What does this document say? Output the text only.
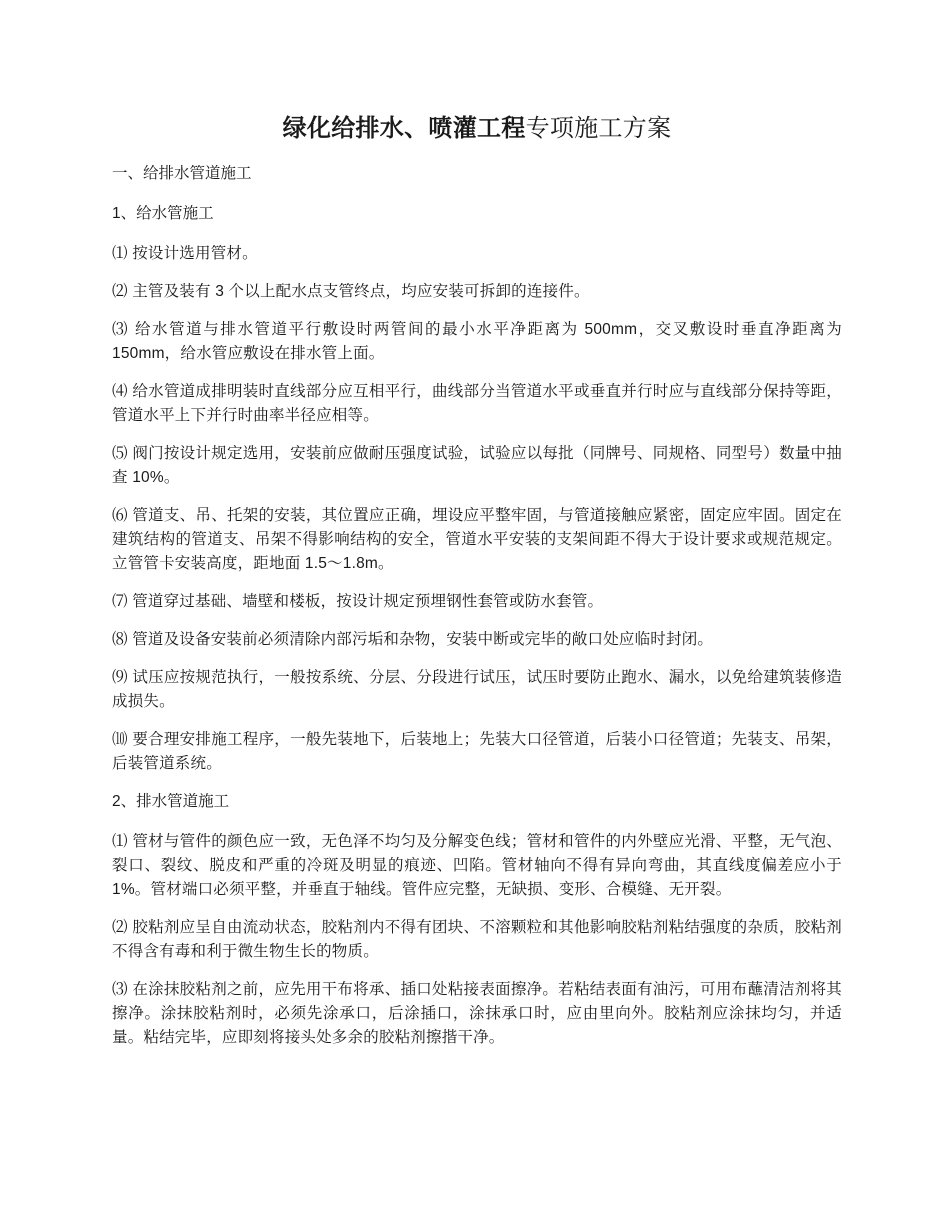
绿化给排水、喷灌工程专项施工方案

一、给排水管道施工

1、给水管施工

⑴ 按设计选用管材。

⑵ 主管及装有 3 个以上配水点支管终点，均应安装可拆卸的连接件。

⑶ 给水管道与排水管道平行敷设时两管间的最小水平净距离为 500mm，交叉敷设时垂直净距离为 150mm，给水管应敷设在排水管上面。

⑷ 给水管道成排明装时直线部分应互相平行，曲线部分当管道水平或垂直并行时应与直线部分保持等距，管道水平上下并行时曲率半径应相等。

⑸ 阀门按设计规定选用，安装前应做耐压强度试验，试验应以每批（同牌号、同规格、同型号）数量中抽查 10%。

⑹ 管道支、吊、托架的安装，其位置应正确，埋设应平整牢固，与管道接触应紧密，固定应牢固。固定在建筑结构的管道支、吊架不得影响结构的安全，管道水平安装的支架间距不得大于设计要求或规范规定。立管管卡安装高度，距地面 1.5～1.8m。

⑺ 管道穿过基础、墙壁和楼板，按设计规定预埋钢性套管或防水套管。

⑻ 管道及设备安装前必须清除内部污垢和杂物，安装中断或完毕的敞口处应临时封闭。

⑼ 试压应按规范执行，一般按系统、分层、分段进行试压，试压时要防止跑水、漏水，以免给建筑装修造成损失。

⑽ 要合理安排施工程序，一般先装地下，后装地上；先装大口径管道，后装小口径管道；先装支、吊架，后装管道系统。

2、排水管道施工

⑴ 管材与管件的颜色应一致，无色泽不均匀及分解变色线；管材和管件的内外壁应光滑、平整，无气泡、裂口、裂纹、脱皮和严重的冷斑及明显的痕迹、凹陷。管材轴向不得有异向弯曲，其直线度偏差应小于 1%。管材端口必须平整，并垂直于轴线。管件应完整，无缺损、变形、合模缝、无开裂。

⑵ 胶粘剂应呈自由流动状态，胶粘剂内不得有团块、不溶颗粒和其他影响胶粘剂粘结强度的杂质，胶粘剂不得含有毒和利于微生物生长的物质。

⑶ 在涂抹胶粘剂之前，应先用干布将承、插口处粘接表面擦净。若粘结表面有油污，可用布蘸清洁剂将其擦净。涂抹胶粘剂时，必须先涂承口，后涂插口，涂抹承口时，应由里向外。胶粘剂应涂抹均匀，并适量。粘结完毕，应即刻将接头处多余的胶粘剂擦揩干净。
